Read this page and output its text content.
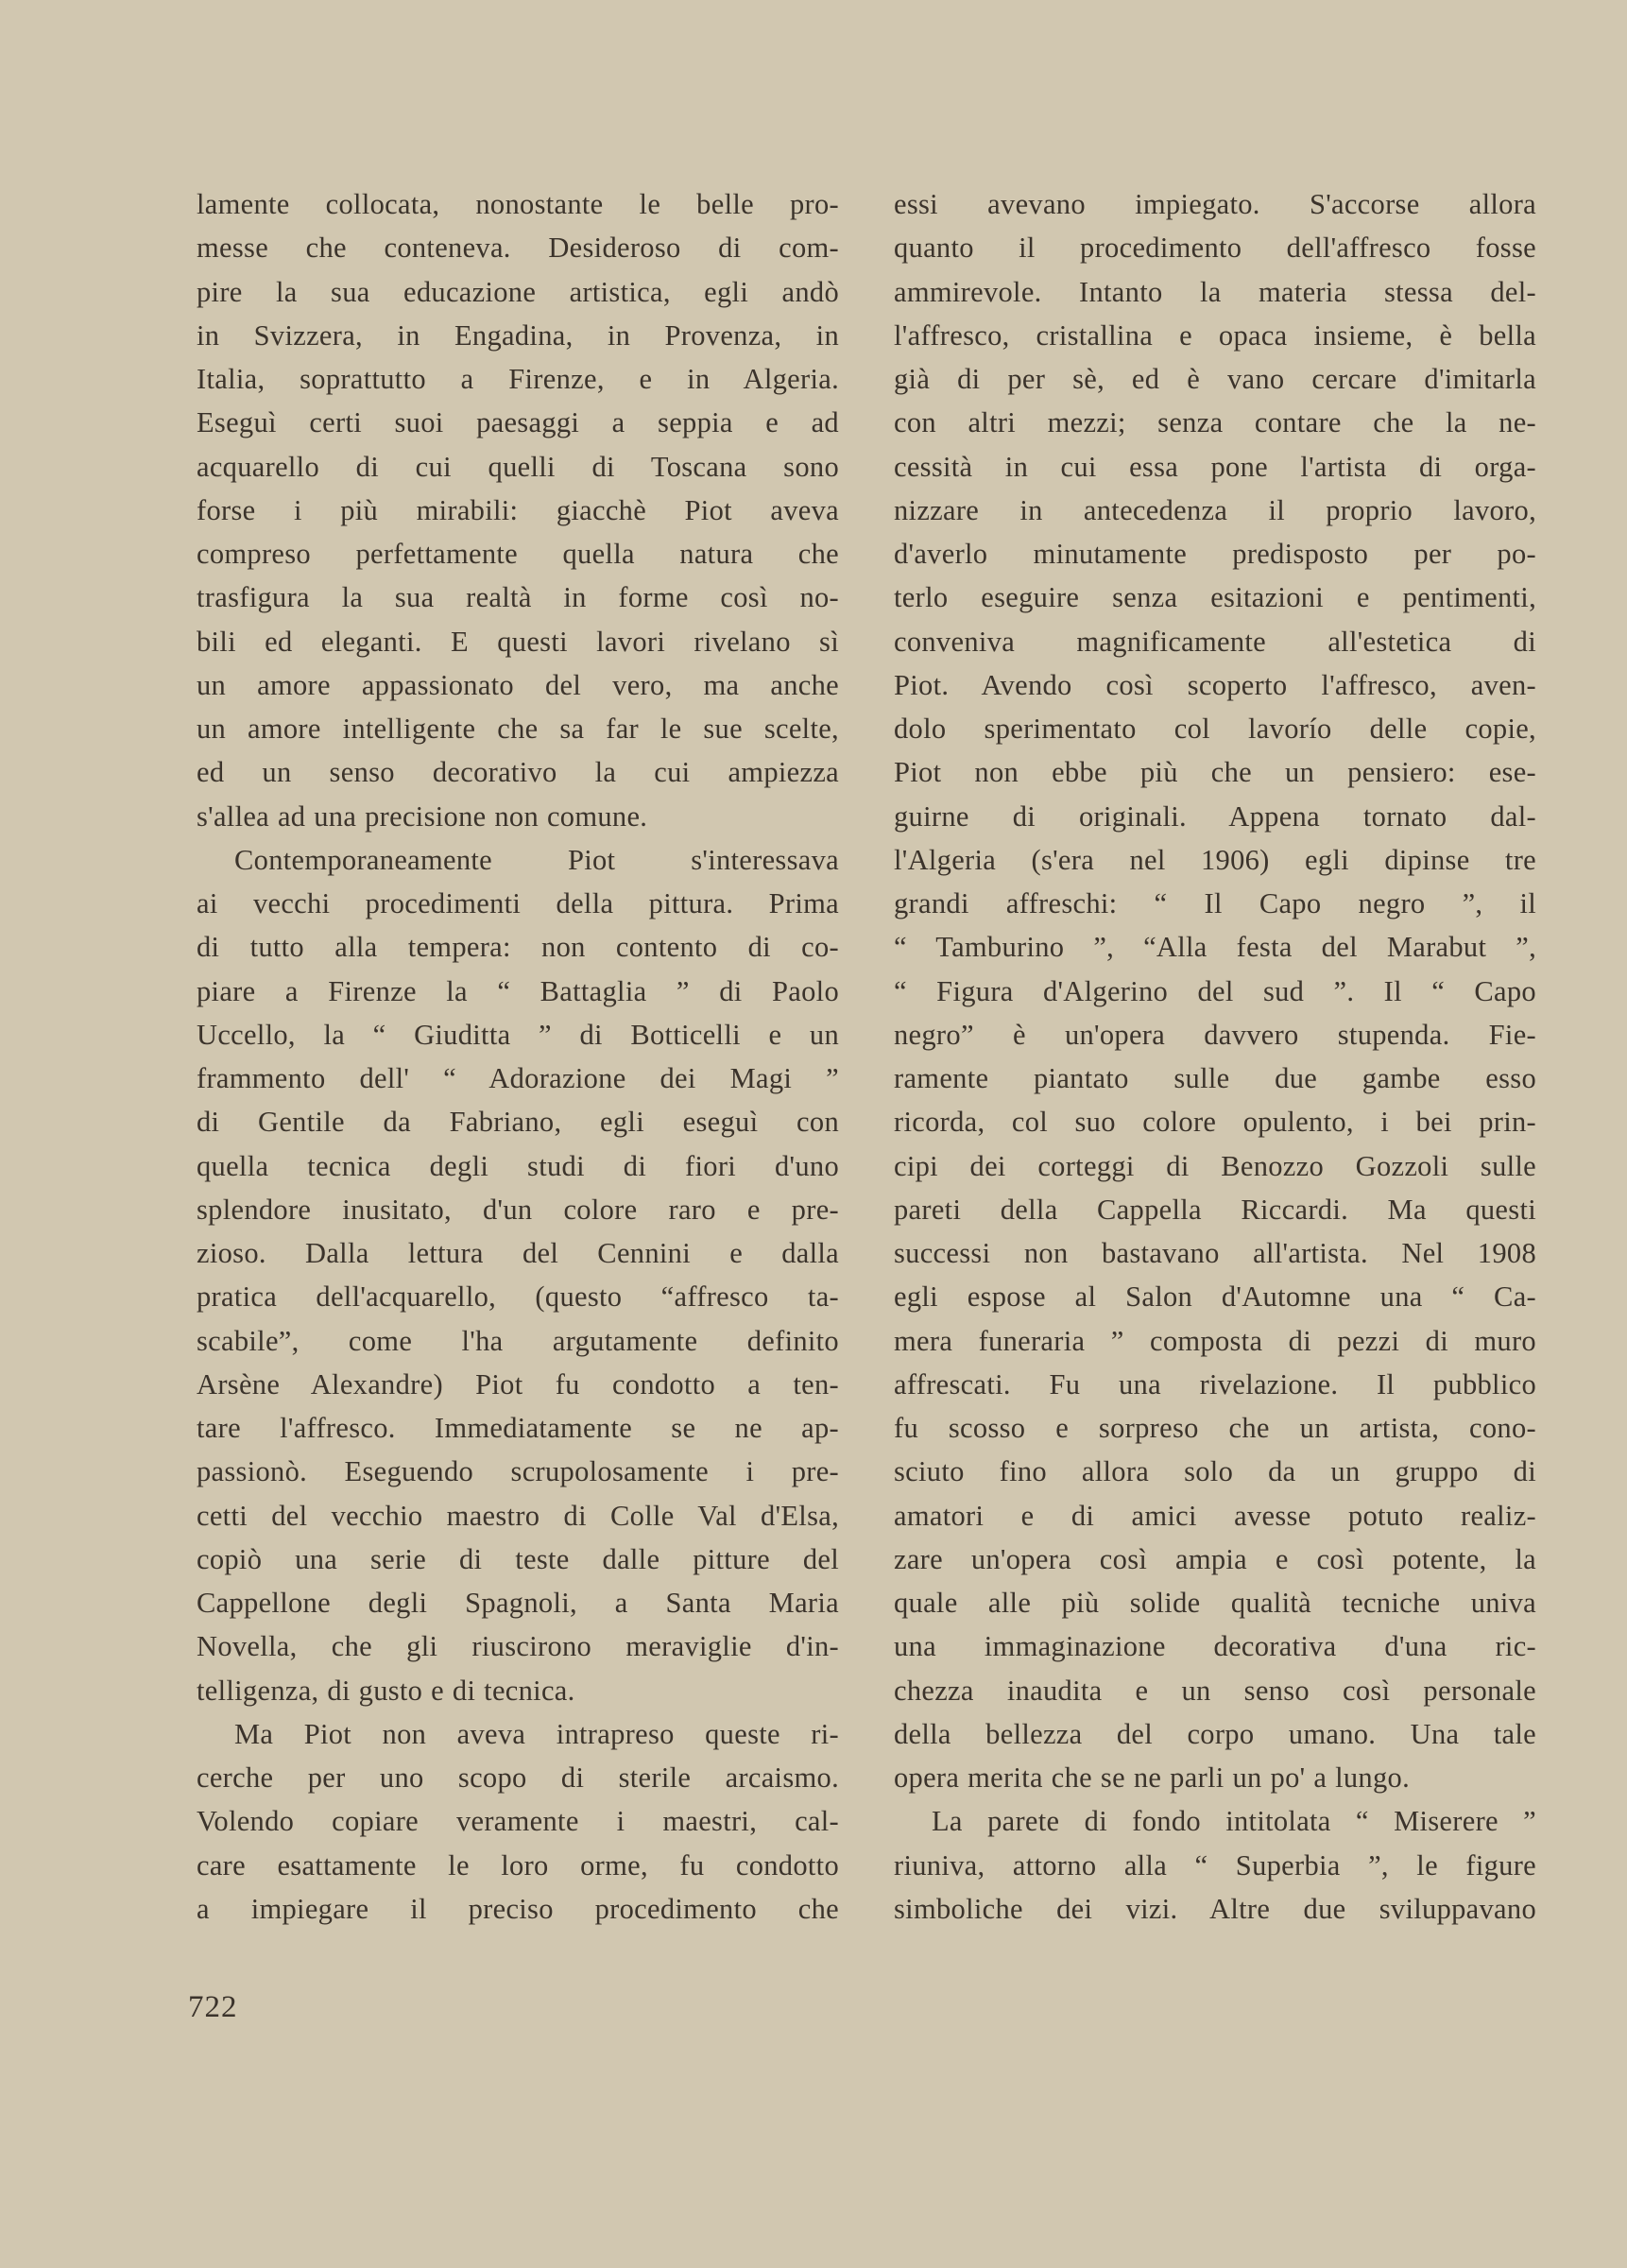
lamente collocata, nonostante le belle pro-
messe che conteneva. Desideroso di com-
pire la sua educazione artistica, egli andò
in Svizzera, in Engadina, in Provenza, in
Italia, soprattutto a Firenze, e in Algeria.
Eseguì certi suoi paesaggi a seppia e ad
acquarello di cui quelli di Toscana sono
forse i più mirabili: giacchè Piot aveva
compreso perfettamente quella natura che
trasfigura la sua realtà in forme così no-
bili ed eleganti. E questi lavori rivelano sì
un amore appassionato del vero, ma anche
un amore intelligente che sa far le sue scelte,
ed un senso decorativo la cui ampiezza
s'allea ad una precisione non comune.
Contemporaneamente Piot s'interessava
ai vecchi procedimenti della pittura. Prima
di tutto alla tempera: non contento di co-
piare a Firenze la “ Battaglia ” di Paolo
Uccello, la “ Giuditta ” di Botticelli e un
frammento dell' “ Adorazione dei Magi ”
di Gentile da Fabriano, egli eseguì con
quella tecnica degli studi di fiori d'uno
splendore inusitato, d'un colore raro e pre-
zioso. Dalla lettura del Cennini e dalla
pratica dell'acquarello, (questo “affresco ta-
scabile”, come l'ha argutamente definito
Arsène Alexandre) Piot fu condotto a ten-
tare l'affresco. Immediatamente se ne ap-
passionò. Eseguendo scrupolosamente i pre-
cetti del vecchio maestro di Colle Val d'Elsa,
copiò una serie di teste dalle pitture del
Cappellone degli Spagnoli, a Santa Maria
Novella, che gli riuscirono meraviglie d'in-
telligenza, di gusto e di tecnica.
Ma Piot non aveva intrapreso queste ri-
cerche per uno scopo di sterile arcaismo.
Volendo copiare veramente i maestri, cal-
care esattamente le loro orme, fu condotto
a impiegare il preciso procedimento che
essi avevano impiegato. S'accorse allora
quanto il procedimento dell'affresco fosse
ammirevole. Intanto la materia stessa del-
l'affresco, cristallina e opaca insieme, è bella
già di per sè, ed è vano cercare d'imitarla
con altri mezzi; senza contare che la ne-
cessità in cui essa pone l'artista di orga-
nizzare in antecedenza il proprio lavoro,
d'averlo minutamente predisposto per po-
terlo eseguire senza esitazioni e pentimenti,
conveniva magnificamente all'estetica di
Piot. Avendo così scoperto l'affresco, aven-
dolo sperimentato col lavorío delle copie,
Piot non ebbe più che un pensiero: ese-
guirne di originali. Appena tornato dal-
l'Algeria (s'era nel 1906) egli dipinse tre
grandi affreschi: “ Il Capo negro ”, il
“ Tamburino ”, “Alla festa del Marabut ”,
“ Figura d'Algerino del sud ”. Il “ Capo
negro” è un'opera davvero stupenda. Fie-
ramente piantato sulle due gambe esso
ricorda, col suo colore opulento, i bei prin-
cipi dei corteggi di Benozzo Gozzoli sulle
pareti della Cappella Riccardi. Ma questi
successi non bastavano all'artista. Nel 1908
egli espose al Salon d'Automne una “ Ca-
mera funeraria ” composta di pezzi di muro
affrescati. Fu una rivelazione. Il pubblico
fu scosso e sorpreso che un artista, cono-
sciuto fino allora solo da un gruppo di
amatori e di amici avesse potuto realiz-
zare un'opera così ampia e così potente, la
quale alle più solide qualità tecniche univa
una immaginazione decorativa d'una ric-
chezza inaudita e un senso così personale
della bellezza del corpo umano. Una tale
opera merita che se ne parli un po' a lungo.
La parete di fondo intitolata “ Miserere ”
riuniva, attorno alla “ Superbia ”, le figure
simboliche dei vizi. Altre due sviluppavano
722
